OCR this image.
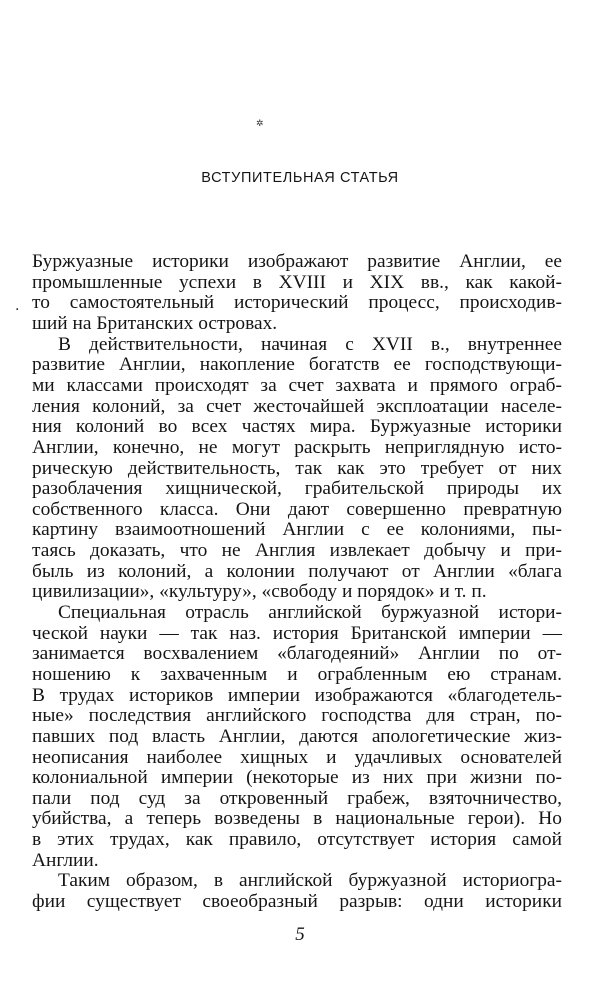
✲
ВСТУПИТЕЛЬНАЯ СТАТЬЯ
.
Буржуазные историки изображают развитие Англии, ее
промышленные успехи в XVIII и XIX вв., как какой-
то самостоятельный исторический процесс, происходив-
ший на Британских островах.
В действительности, начиная с XVII в., внутреннее
развитие Англии, накопление богатств ее господствующи-
ми классами происходят за счет захвата и прямого ограб-
ления колоний, за счет жесточайшей эксплоатации населе-
ния колоний во всех частях мира. Буржуазные историки
Англии, конечно, не могут раскрыть неприглядную исто-
рическую действительность, так как это требует от них
разоблачения хищнической, грабительской природы их
собственного класса. Они дают совершенно превратную
картину взаимоотношений Англии с ее колониями, пы-
таясь доказать, что не Англия извлекает добычу и при-
быль из колоний, а колонии получают от Англии «блага
цивилизации», «культуру», «свободу и порядок» и т. п.
Специальная отрасль английской буржуазной истори-
ческой науки — так наз. история Британской империи —
занимается восхвалением «благодеяний» Англии по от-
ношению к захваченным и ограбленным ею странам.
В трудах историков империи изображаются «благодетель-
ные» последствия английского господства для стран, по-
павших под власть Англии, даются апологетические жиз-
неописания наиболее хищных и удачливых основателей
колониальной империи (некоторые из них при жизни по-
пали под суд за откровенный грабеж, взяточничество,
убийства, а теперь возведены в национальные герои). Но
в этих трудах, как правило, отсутствует история самой
Англии.
Таким образом, в английской буржуазной историогра-
фии существует своеобразный разрыв: одни историки
5
